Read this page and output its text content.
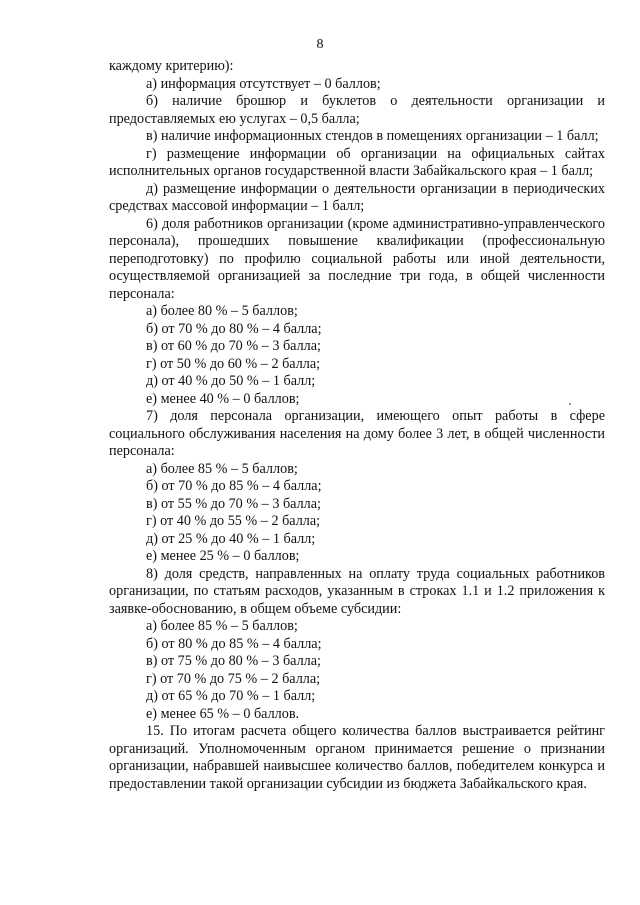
8

каждому критерию):

а) информация отсутствует – 0 баллов;

б) наличие брошюр и буклетов о деятельности организации и предоставляемых ею услугах – 0,5 балла;

в) наличие информационных стендов в помещениях организации – 1 балл;

г) размещение информации об организации на официальных сайтах исполнительных органов государственной власти Забайкальского края – 1 балл;

д) размещение информации о деятельности организации в периодических средствах массовой информации – 1 балл;

6) доля работников организации (кроме административно-управленческого персонала), прошедших повышение квалификации (профессиональную переподготовку) по профилю социальной работы или иной деятельности, осуществляемой организацией за последние три года, в общей численности персонала:

а) более 80 % – 5 баллов;

б) от 70 % до 80 % – 4 балла;

в) от 60 % до 70 % – 3 балла;

г) от 50 % до 60 % – 2 балла;

д) от 40 % до 50 % – 1 балл;

е) менее 40 % – 0 баллов;

7) доля персонала организации, имеющего опыт работы в сфере социального обслуживания населения на дому более 3 лет, в общей численности персонала:

а) более 85 % – 5 баллов;

б) от 70 % до 85 % – 4 балла;

в) от 55 % до 70 % – 3 балла;

г) от 40 % до 55 % – 2 балла;

д) от 25 % до 40 % – 1 балл;

е) менее 25 % – 0 баллов;

8) доля средств, направленных на оплату труда социальных работников организации, по статьям расходов, указанным в строках 1.1 и 1.2 приложения к заявке-обоснованию, в общем объеме субсидии:

а) более 85 % – 5 баллов;

б) от 80 % до 85 % – 4 балла;

в) от 75 % до 80 % – 3 балла;

г) от 70 % до 75 % – 2 балла;

д) от 65 % до 70 % – 1 балл;

е) менее 65 % – 0 баллов.

15. По итогам расчета общего количества баллов выстраивается рейтинг организаций. Уполномоченным органом принимается решение о признании организации, набравшей наивысшее количество баллов, победителем конкурса и предоставлении такой организации субсидии из бюджета Забайкальского края.
